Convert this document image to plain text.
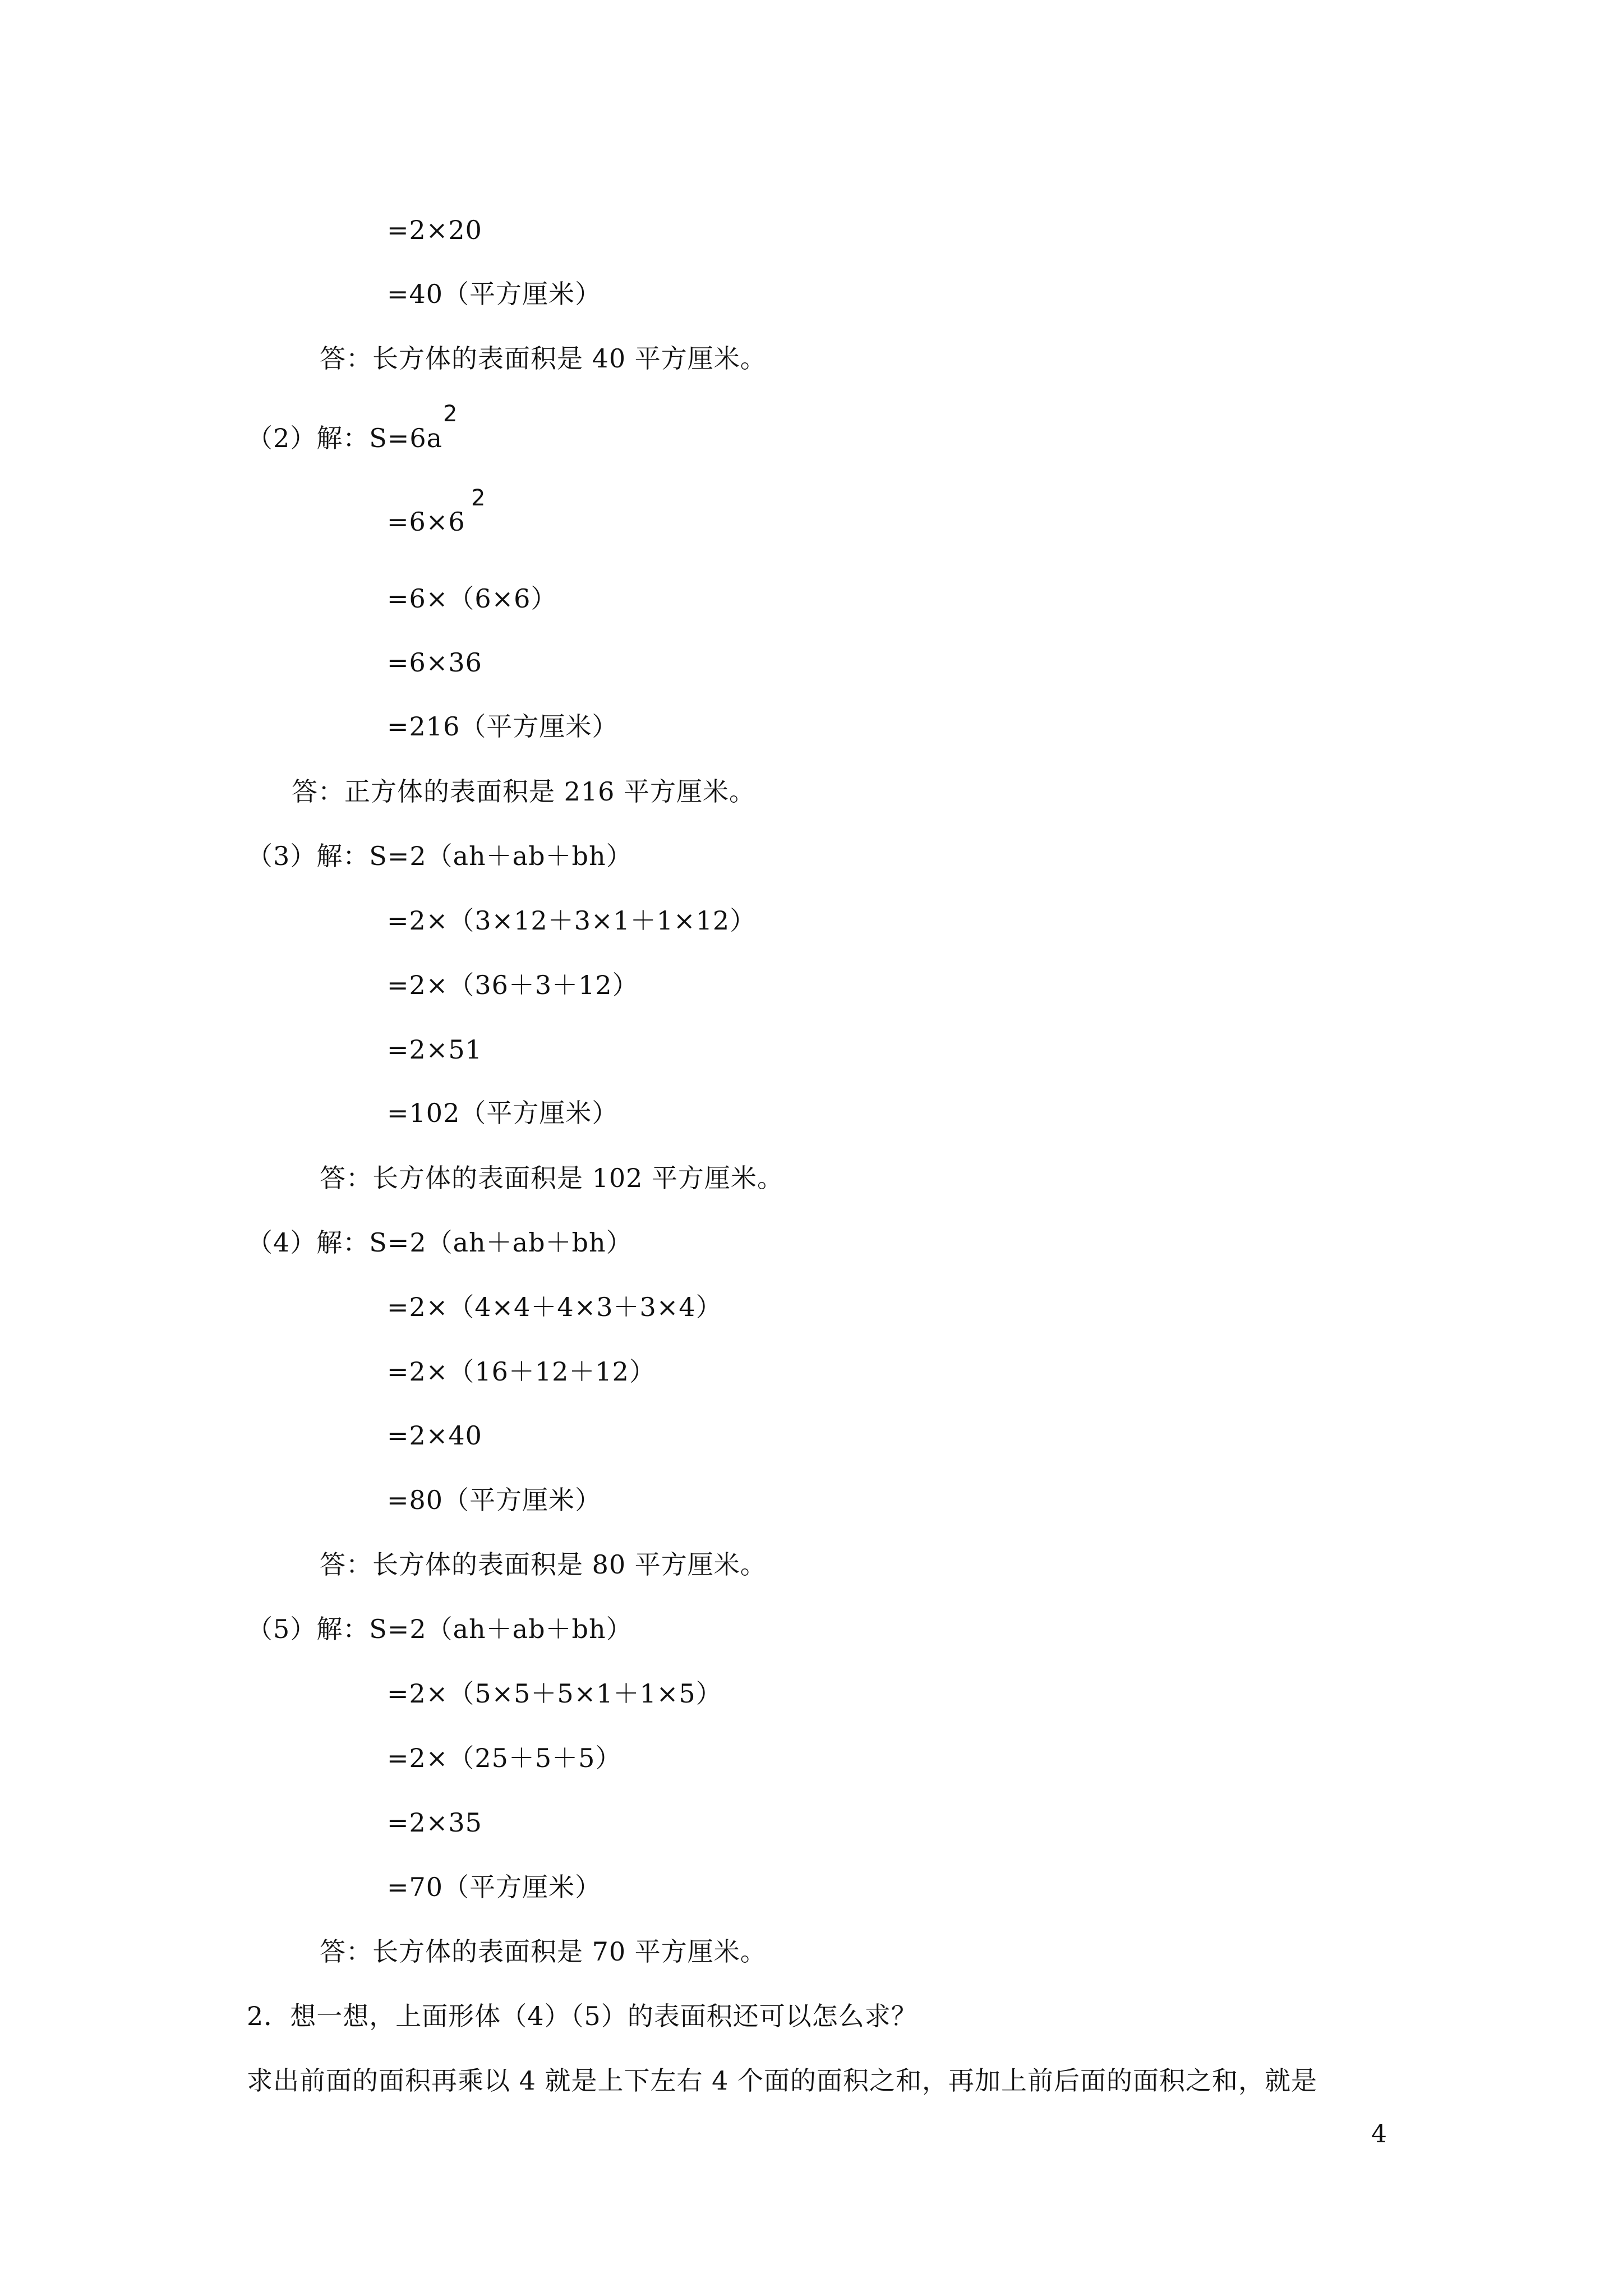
=2×20
=40（平方厘米）
答：长方体的表面积是 40 平方厘米。
（2）解：S=6a
2
=6×6
2
=6×（6×6）
=6×36
=216（平方厘米）
答：正方体的表面积是 216 平方厘米。
（3）解：S=2（ah＋ab＋bh）
=2×（3×12＋3×1＋1×12）
=2×（36＋3＋12）
=2×51
=102（平方厘米）
答：长方体的表面积是 102 平方厘米。
（4）解：S=2（ah＋ab＋bh）
=2×（4×4＋4×3＋3×4）
=2×（16＋12＋12）
=2×40
=80（平方厘米）
答：长方体的表面积是 80 平方厘米。
（5）解：S=2（ah＋ab＋bh）
=2×（5×5＋5×1＋1×5）
=2×（25＋5＋5）
=2×35
=70（平方厘米）
答：长方体的表面积是 70 平方厘米。
2．想一想，上面形体（4）（5）的表面积还可以怎么求？
求出前面的面积再乘以 4 就是上下左右 4 个面的面积之和，再加上前后面的面积之和，就是
4
